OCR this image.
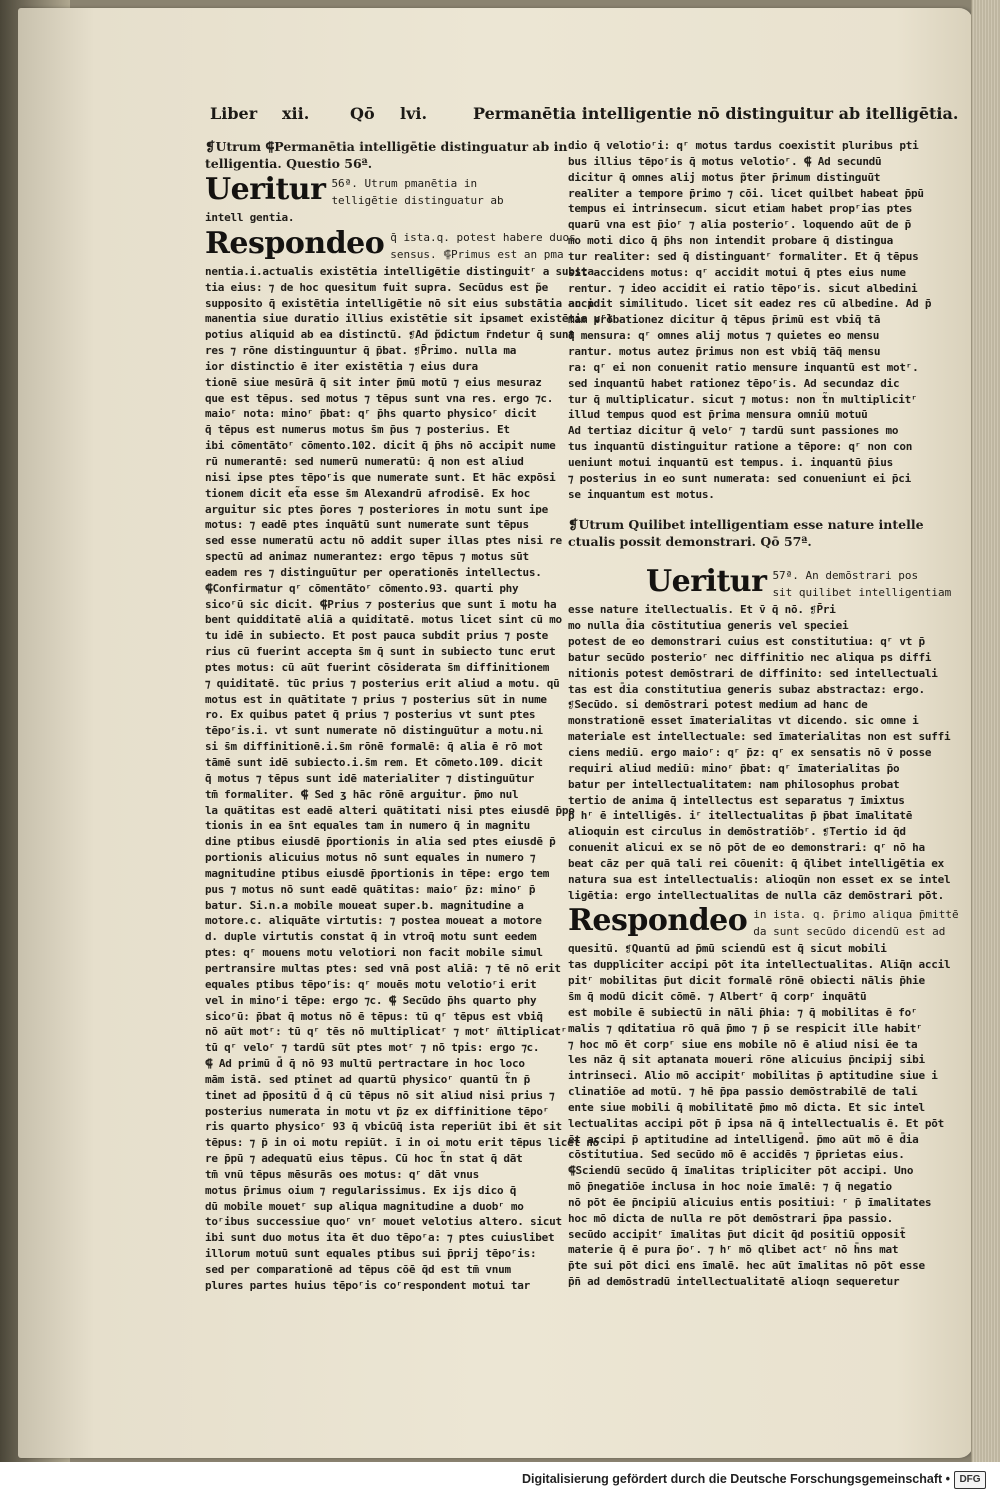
Liber xii.	Qō lvi.	Permanētia intelligentie nō distinguitur ab itelligētia.
❡Utrum ⸿Permanētia intelligētie distinguatur ab in
telligentia. Questio 56ª.
Ueritur 56ª. Utrum pmanētia in
telligētie distinguatur ab
intell gentia.
Respondeo q̄ ista.q. potest habere duos
sensus. ⸿Primus est an pma
nentia.i.actualis existētia intelligētie distinguitʳ a substa
tia eius: ⁊ de hoc quesitum fuit supra. Secūdus est p̃e
supposito q̄ existētia intelligētie nō sit eius substātia an p
manentia siue duratio illius existētie sit ipsamet existētia vʳł
potius aliquid ab ea distinctū. ❡Ad p̃dictum r̄ndetur q̄ sunt
res ⁊ rōne distinguuntur q̄ p̄bat. ❡P̄rimo. nulla ma
ior distinctio ē iter existētia ⁊ eius dura
tionē siue mesūrā q̄ sit inter p̄mū motū ⁊ eius mesuraz
que est tēpus. sed motus ⁊ tēpus sunt vna res. ergo ⁊c.
maioʳ nota: minoʳ p̄bat: qʳ p̄hs quarto physicoʳ dicit
q̄ tēpus est numerus motus s̄m p̄us ⁊ posterius. Et
ibi cōmentātoʳ cōmento.102. dicit q̄ p̄hs nō accipit nume
rū numerantē: sed numerū numeratū: q̄ non est aliud
nisi ipse ptes tēpoʳis que numerate sunt. Et hāc expōsi
tionem dicit et̃a esse s̄m Alexandrū afrodisē. Ex hoc
arguitur sic ptes p̄ores ⁊ posteriores in motu sunt ipe
motus: ⁊ eadē ptes inquātū sunt numerate sunt tēpus
sed esse numeratū actu nō addit super illas ptes nisi re
spectū ad animaz numerantez: ergo tēpus ⁊ motus sūt
eadem res ⁊ distinguūtur per operationēs intellectus.
⸿Confirmatur qʳ cōmentātoʳ cōmento.93. quarti phy
sicoʳū sic dicit. ⸿Prius ⁊ posterius que sunt ī motu ha
bent quidditatē aliā a quiditatē. motus licet sint cū mo
tu idē in subiecto. Et post pauca subdit prius ⁊ poste
rius cū fuerint accepta s̄m q̄ sunt in subiecto tunc erut
ptes motus: cū aūt fuerint cōsiderata s̄m diffinitionem
⁊ quiditatē. tūc prius ⁊ posterius erit aliud a motu. qū
motus est in quātitate ⁊ prius ⁊ posterius sūt in nume
ro. Ex quibus patet q̄ prius ⁊ posterius vt sunt ptes
tēpoʳis.i. vt sunt numerate nō distinguūtur a motu.ni
si s̄m diffinitionē.i.s̄m rōnē formalē: q̄ alia ē rō mot
tāmē sunt idē subiecto.i.s̄m rem. Et cōmeto.109. dicit
q̄ motus ⁊ tēpus sunt idē materialiter ⁊ distinguūtur
tm̄ formaliter. ⸿ Sed ʒ hāc rōnē arguitur. p̄mo nul
la quātitas est eadē alteri quātitati nisi ptes eiusdē p̄po
tionis in ea s̄nt equales tam in numero q̄ in magnitu
dine ptibus eiusdē p̄portionis in alia sed ptes eiusdē p̄
portionis alicuius motus nō sunt equales in numero ⁊
magnitudine ptibus eiusdē p̄portionis in tēpe: ergo tem
pus ⁊ motus nō sunt eadē quātitas: maioʳ p̄z: minoʳ p̄
batur. Si.n.a mobile moueat super.b. magnitudine a
motore.c. aliquāte virtutis: ⁊ postea moueat a motore
d. duple virtutis constat q̄ in vtroq̄ motu sunt eedem
ptes: qʳ mouens motu velotiori non facit mobile simul
pertransire multas ptes: sed vnā post aliā: ⁊ tē nō erit
equales ptibus tēpoʳis: qʳ mouēs motu velotioʳi erit
vel in minoʳi tēpe: ergo ⁊c. ⸿ Secūdo p̄hs quarto phy
sicoʳū: p̄bat q̄ motus nō ē tēpus: tū qʳ tēpus est vbiq̄
nō aūt motʳ: tū qʳ tēs nō multiplicatʳ ⁊ motʳ m̄ltiplicatʳ
tū qʳ veloʳ ⁊ tardū sūt ptes motʳ ⁊ nō tpis: ergo ⁊c.
⸿ Ad primū d̄ q̄ nō 93 multū pertractare in hoc loco
mām istā. sed ptinet ad quartū physicoʳ quantū t̃n p̄
tinet ad p̄positū d̄ q̄ cū tēpus nō sit aliud nisi prius ⁊
posterius numerata in motu vt p̄z ex diffinitione tēpoʳ
ris quarto physicoʳ 93 q̄ vbicūq̄ ista reperiūt ibi ēt sit
tēpus: ⁊ p̄ in oi motu repiūt. ī in oi motu erit tēpus licet nō
re p̄pū ⁊ adequatū eius tēpus. Cū hoc t̃n stat q̄ dāt
tm̄ vnū tēpus mēsurās oes motus: qʳ dāt vnus
motus p̄rimus oium ⁊ regularissimus. Ex ijs dico q̄
dū mobile mouetʳ sup aliqua magnitudine a duobʳ mo
toʳibus successiue quoʳ vnʳ mouet velotius altero. sicut
ibi sunt duo motus ita ēt duo tēpoʳa: ⁊ ptes cuiuslibet
illorum motuū sunt equales ptibus sui p̄prij tēpoʳis:
sed per comparationē ad tēpus cōē q̄d est tm̄ vnum
plures partes huius tēpoʳis coʳrespondent motui tar
dio q̄ velotioʳi: qʳ motus tardus coexistit pluribus pti
bus illius tēpoʳis q̄ motus velotioʳ. ⸿ Ad secundū
dicitur q̄ omnes alij motus p̃ter p̄rimum distinguūt
realiter a tempore p̄rimo ⁊ cōi. licet quilbet habeat p̄pū
tempus ei intrinsecum. sicut etiam habet propʳias ptes
quarū vna est p̄ioʳ ⁊ alia posterioʳ. loquendo aūt de p̄
mo moti dico q̄ p̄hs non intendit probare q̄ distingua
tur realiter: sed q̄ distinguantʳ formaliter. Et q̄ tēpus
sit accidens motus: qʳ accidit motui q̄ ptes eius nume
rentur. ⁊ ideo accidit ei ratio tēpoʳis. sicut albedini
accidit similitudo. licet sit eadez res cū albedine. Ad p̄
mam probationez dicitur q̄ tēpus p̄rimū est vbiq̄ tā
q̄ mensura: qʳ omnes alij motus ⁊ quietes eo mensu
rantur. motus autez p̄rimus non est vbiq̄ tāq̄ mensu
ra: qʳ ei non conuenit ratio mensure inquantū est motʳ.
sed inquantū habet rationez tēpoʳis. Ad secundaz dic
tur q̄ multiplicatur. sicut ⁊ motus: non t̃n multiplicitʳ
illud tempus quod est p̄rima mensura omniū motuū
Ad tertiaz dicitur q̄ veloʳ ⁊ tardū sunt passiones mo
tus inquantū distinguitur ratione a tēpore: qʳ non con
ueniunt motui inquantū est tempus. i. inquantū p̄ius
⁊ posterius in eo sunt numerata: sed conueniunt ei p̄ci
se inquantum est motus.
❡Utrum Quilibet intelligentiam esse nature intelle
ctualis possit demonstrari. Qō 57ª.
Ueritur 57ª. An demōstrari pos
sit quilibet intelligentiam
esse nature itellectualis. Et v̄ q̄ nō. ❡P̄ri
mo nulla d̄ia cōstitutiua generis vel speciei
potest de eo demonstrari cuius est constitutiua: qʳ vt p̄
batur secūdo posterioʳ nec diffinitio nec aliqua ps diffi
nitionis potest demōstrari de diffinito: sed intellectuali
tas est d̄ia constitutiua generis subaz abstractaz: ergo.
❡Secūdo. si demōstrari potest medium ad hanc de
monstrationē esset īmaterialitas vt dicendo. sic omne i
materiale est intellectuale: sed īmaterialitas non est suffi
ciens mediū. ergo maioʳ: qʳ p̄z: qʳ ex sensatis nō v̄ posse
requiri aliud mediū: minoʳ p̄bat: qʳ īmaterialitas p̄o
batur per intellectualitatem: nam philosophus probat
tertio de anima q̄ intellectus est separatus ⁊ īmixtus
p̄ hʳ ē intelligēs. iʳ itellectualitas p̄ p̄bat īmalitatē
alioquin est circulus in demōstratiōbʳ. ❡Tertio id q̄d
conuenit alicui ex se nō pōt de eo demonstrari: qʳ nō ha
beat cāz per quā tali rei cōuenit: q̄ q̄libet intelligētia ex
natura sua est intellectualis: alioqūn non esset ex se intel
ligētia: ergo intellectualitas de nulla cāz demōstrari pōt.
Respondeo in ista. q. p̄rimo aliqua p̄mittē
da sunt secūdo dicendū est ad
quesitū. ❡Quantū ad p̄mū sciendū est q̄ sicut mobili
tas duppliciter accipi pōt ita intellectualitas. Aliq̄n accil
pitʳ mobilitas p̄ut dicit formalē rōnē obiecti nālis p̄hie
s̄m q̄ modū dicit cōmē. ⁊ Albertʳ q̄ corpʳ inquātū
est mobile ē subiectū in nāli p̄hia: ⁊ q̄ mobilitas ē foʳ
malis ⁊ qditatiua rō quā p̄mo ⁊ p̄ se respicit ille habitʳ
⁊ hoc mō ēt corpʳ siue ens mobile nō ē aliud nisi ēe ta
les nāz q̄ sit aptanata moueri rōne alicuius p̄ncipij sibi
intrinseci. Alio mō accipitʳ mobilitas p̄ aptitudine siue i
clinatiōe ad motū. ⁊ hē p̄pa passio demōstrabilē de tali
ente siue mobili q̄ mobilitatē p̄mo mō dicta. Et sic intel
lectualitas accipi pōt p̄ ipsa nā q̄ intellectualis ē. Et pōt
ēt accipi p̄ aptitudine ad intelligend̄. p̄mo aūt mō ē d̄ia
cōstitutiua. Sed secūdo mō ē accidēs ⁊ p̄prietas eius.
⸿Sciendū secūdo q̄ īmalitas tripliciter pōt accipi. Uno
mō p̄negatiōe inclusa in hoc noie īmalē: ⁊ q̄ negatio
nō pōt ēe p̄ncipiū alicuius entis positiui: ʳ p̄ īmalitates
hoc mō dicta de nulla re pōt demōstrari p̄pa passio.
secūdo accipitʳ īmalitas p̄ut dicit q̄d positiū opposit̄
materie q̄ ē pura p̄oʳ. ⁊ hʳ mō qlibet actʳ nō h̄ns mat
p̄te sui pōt dici ens īmalē. hec aūt īmalitas nō pōt esse
p̄n̄ ad demōstradū intellectualitatē alioqn sequeretur
Digitalisierung gefördert durch die Deutsche Forschungsgemeinschaft • DFG
